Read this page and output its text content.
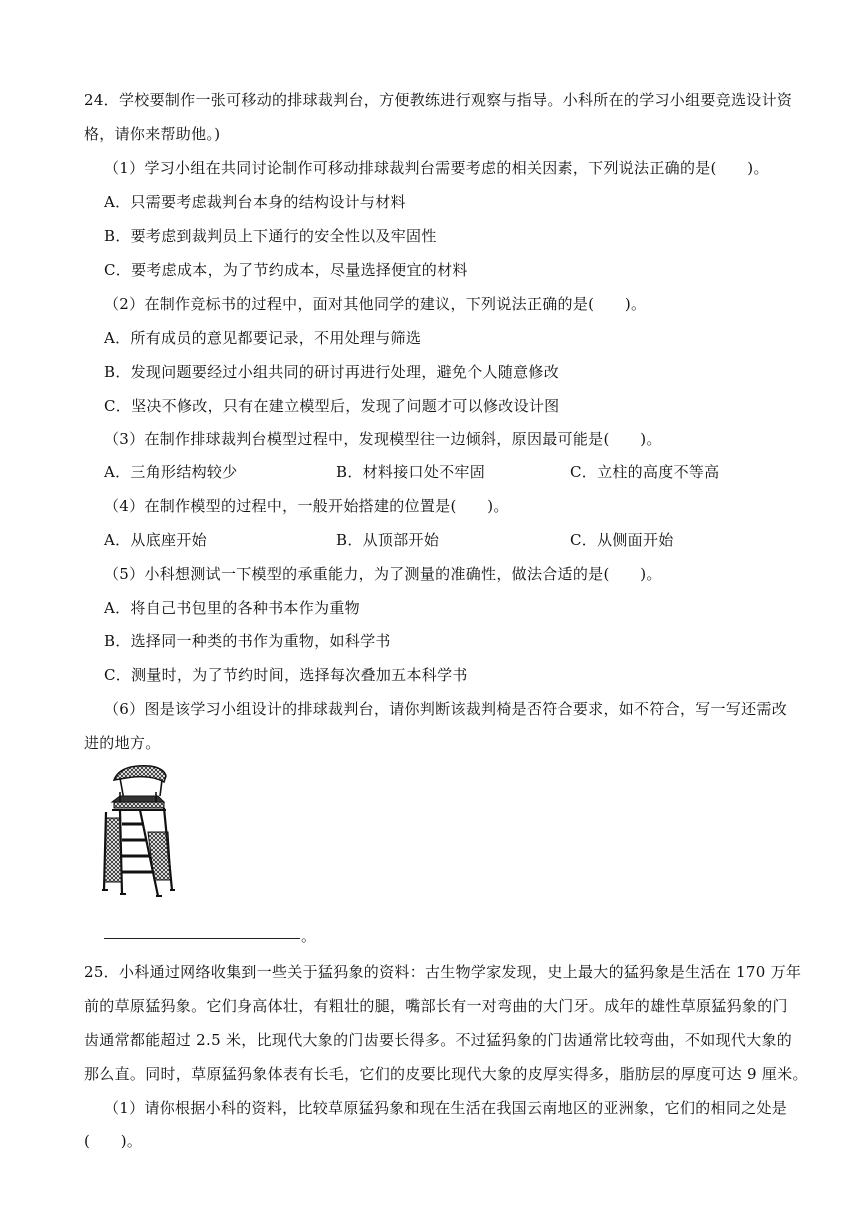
24．学校要制作一张可移动的排球裁判台，方便教练进行观察与指导。小科所在的学习小组要竞选设计资
格，请你来帮助他。)
（1）学习小组在共同讨论制作可移动排球裁判台需要考虑的相关因素，下列说法正确的是(　　)。
A．只需要考虑裁判台本身的结构设计与材料
B．要考虑到裁判员上下通行的安全性以及牢固性
C．要考虑成本，为了节约成本，尽量选择便宜的材料
（2）在制作竞标书的过程中，面对其他同学的建议，下列说法正确的是(　　)。
A．所有成员的意见都要记录，不用处理与筛选
B．发现问题要经过小组共同的研讨再进行处理，避免个人随意修改
C．坚决不修改，只有在建立模型后，发现了问题才可以修改设计图
（3）在制作排球裁判台模型过程中，发现模型往一边倾斜，原因最可能是(　　)。
A．三角形结构较少	B．材料接口处不牢固	C．立柱的高度不等高
（4）在制作模型的过程中，一般开始搭建的位置是(　　)。
A．从底座开始	B．从顶部开始	C．从侧面开始
（5）小科想测试一下模型的承重能力，为了测量的准确性，做法合适的是(　　)。
A．将自己书包里的各种书本作为重物
B．选择同一种类的书作为重物，如科学书
C．测量时，为了节约时间，选择每次叠加五本科学书
（6）图是该学习小组设计的排球裁判台，请你判断该裁判椅是否符合要求，如不符合，写一写还需改
进的地方。
。
25．小科通过网络收集到一些关于猛犸象的资料：古生物学家发现，史上最大的猛犸象是生活在 170 万年
前的草原猛犸象。它们身高体壮，有粗壮的腿，嘴部长有一对弯曲的大门牙。成年的雄性草原猛犸象的门
齿通常都能超过 2.5 米，比现代大象的门齿要长得多。不过猛犸象的门齿通常比较弯曲，不如现代大象的
那么直。同时，草原猛犸象体表有长毛，它们的皮要比现代大象的皮厚实得多，脂肪层的厚度可达 9 厘米。
（1）请你根据小科的资料，比较草原猛犸象和现在生活在我国云南地区的亚洲象，它们的相同之处是
(　　)。
